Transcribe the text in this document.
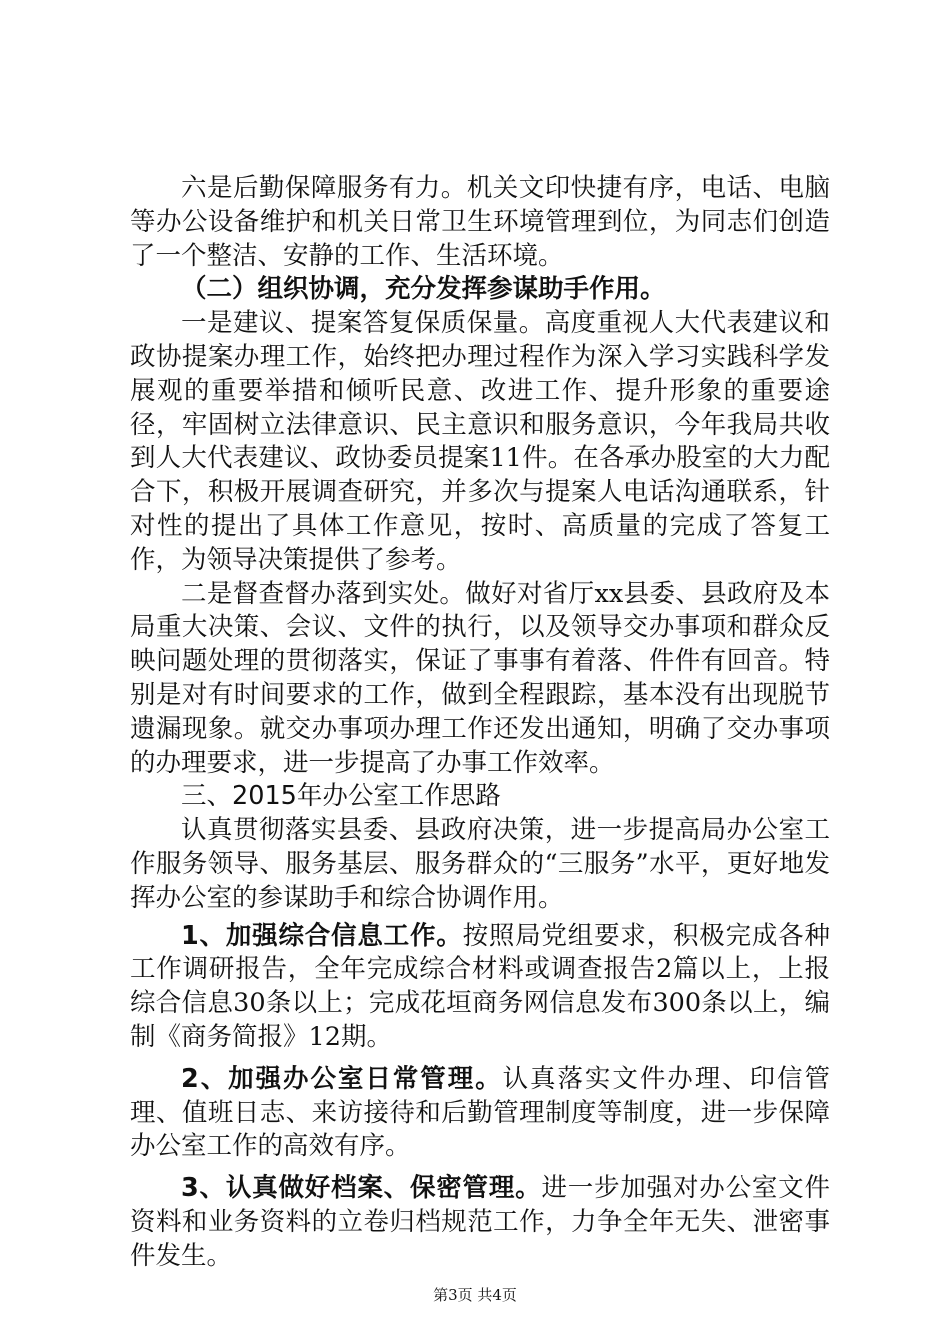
六是后勤保障服务有力。机关文印快捷有序，电话、电脑等办公设备维护和机关日常卫生环境管理到位，为同志们创造了一个整洁、安静的工作、生活环境。

（二）组织协调，充分发挥参谋助手作用。

一是建议、提案答复保质保量。高度重视人大代表建议和政协提案办理工作，始终把办理过程作为深入学习实践科学发展观的重要举措和倾听民意、改进工作、提升形象的重要途径，牢固树立法律意识、民主意识和服务意识，今年我局共收到人大代表建议、政协委员提案11件。在各承办股室的大力配合下，积极开展调查研究，并多次与提案人电话沟通联系，针对性的提出了具体工作意见，按时、高质量的完成了答复工作，为领导决策提供了参考。

二是督查督办落到实处。做好对省厅xx县委、县政府及本局重大决策、会议、文件的执行，以及领导交办事项和群众反映问题处理的贯彻落实，保证了事事有着落、件件有回音。特别是对有时间要求的工作，做到全程跟踪，基本没有出现脱节遗漏现象。就交办事项办理工作还发出通知，明确了交办事项的办理要求，进一步提高了办事工作效率。

三、2015年办公室工作思路

认真贯彻落实县委、县政府决策，进一步提高局办公室工作服务领导、服务基层、服务群众的“三服务”水平，更好地发挥办公室的参谋助手和综合协调作用。

1、加强综合信息工作。按照局党组要求，积极完成各种工作调研报告，全年完成综合材料或调查报告2篇以上，上报综合信息30条以上；完成花垣商务网信息发布300条以上，编制《商务简报》12期。

2、加强办公室日常管理。认真落实文件办理、印信管理、值班日志、来访接待和后勤管理制度等制度，进一步保障办公室工作的高效有序。

3、认真做好档案、保密管理。进一步加强对办公室文件资料和业务资料的立卷归档规范工作，力争全年无失、泄密事件发生。

第3页 共4页
